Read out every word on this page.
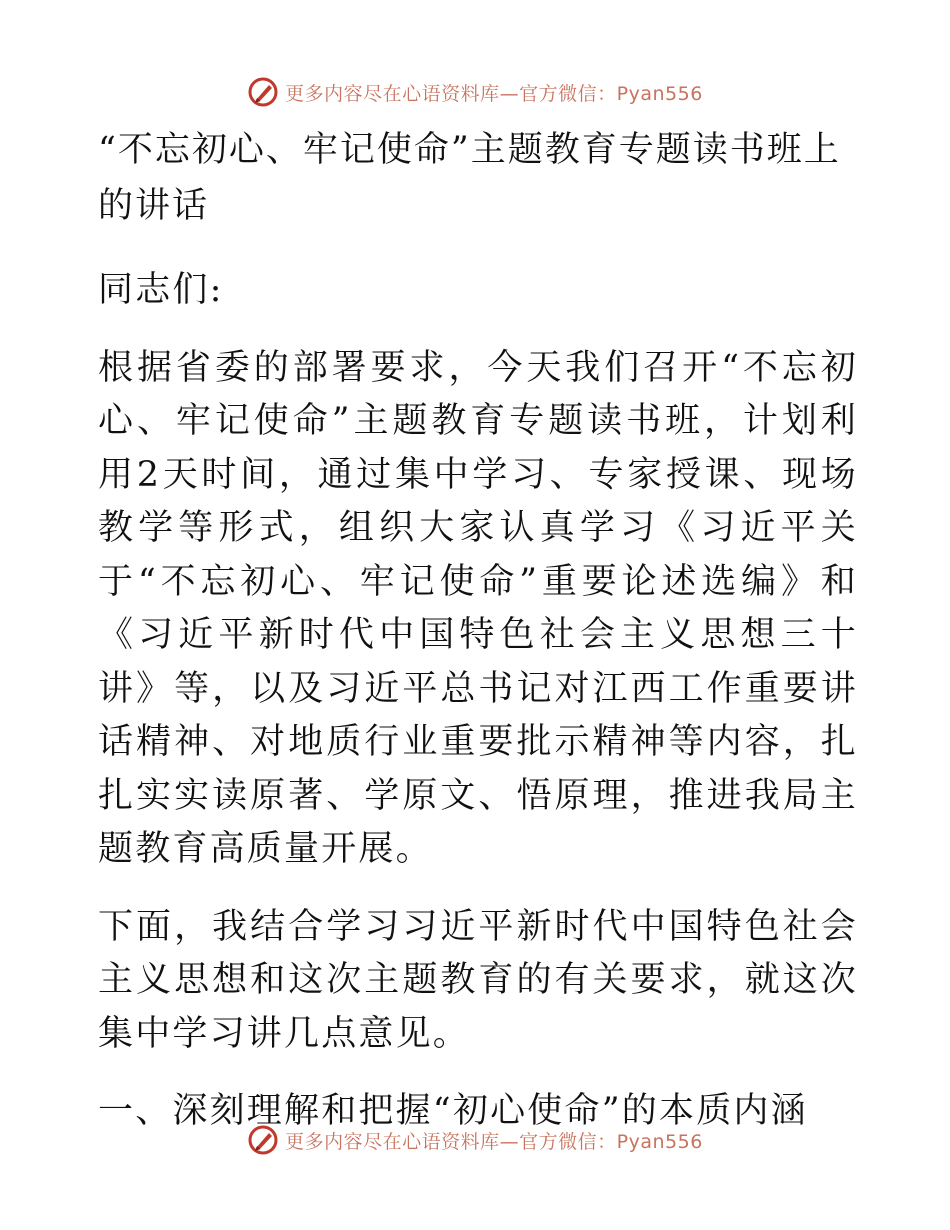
更多内容尽在心语资料库—官方微信：Pyan556
“不忘初心、牢记使命”主题教育专题读书班上的讲话

同志们:

根据省委的部署要求，今天我们召开“不忘初心、牢记使命”主题教育专题读书班，计划利用2天时间，通过集中学习、专家授课、现场教学等形式，组织大家认真学习《习近平关于“不忘初心、牢记使命”重要论述选编》和《习近平新时代中国特色社会主义思想三十讲》等，以及习近平总书记对江西工作重要讲话精神、对地质行业重要批示精神等内容，扎扎实实读原著、学原文、悟原理，推进我局主题教育高质量开展。

下面，我结合学习习近平新时代中国特色社会主义思想和这次主题教育的有关要求，就这次集中学习讲几点意见。

一、深刻理解和把握“初心使命”的本质内涵

更多内容尽在心语资料库—官方微信：Pyan556
